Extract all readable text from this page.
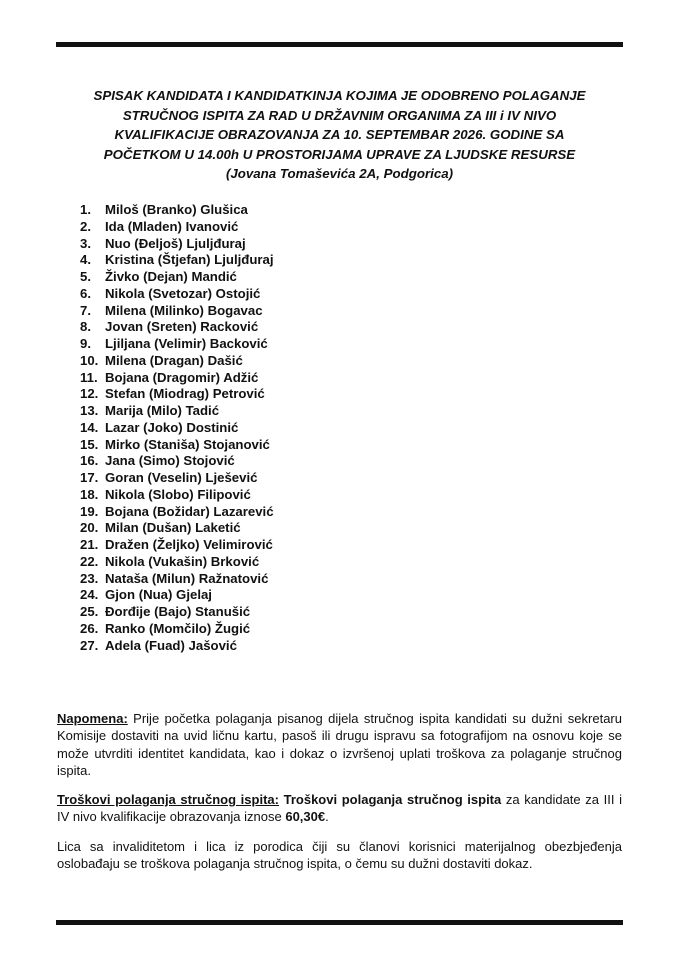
SPISAK KANDIDATA I KANDIDATKINJA KOJIMA JE ODOBRENO POLAGANJE
STRUČNOG ISPITA ZA RAD U DRŽAVNIM ORGANIMA ZA III i IV NIVO
KVALIFIKACIJE OBRAZOVANJA ZA 10. SEPTEMBAR 2026. GODINE SA
POČETKOM U 14.00h U PROSTORIJAMA UPRAVE ZA LJUDSKE RESURSE
(Jovana Tomaševića 2A, Podgorica)
1.	Miloš (Branko) Glušica
2.	Ida (Mladen) Ivanović
3.	Nuo (Đeljoš) Ljuljđuraj
4.	Kristina (Štjefan) Ljuljđuraj
5.	Živko (Dejan) Mandić
6.	Nikola (Svetozar) Ostojić
7.	Milena (Milinko) Bogavac
8.	Jovan (Sreten) Racković
9.	Ljiljana (Velimir) Backović
10. Milena (Dragan) Dašić
11. Bojana (Dragomir) Adžić
12. Stefan (Miodrag) Petrović
13. Marija (Milo) Tadić
14. Lazar (Joko) Dostinić
15. Mirko (Staniša) Stojanović
16. Jana (Simo) Stojović
17. Goran (Veselin) Lješević
18. Nikola (Slobo) Filipović
19. Bojana (Božidar) Lazarević
20. Milan (Dušan) Laketić
21. Dražen (Željko) Velimirović
22. Nikola (Vukašin) Brković
23. Nataša (Milun) Ražnatović
24. Gjon (Nua) Gjelaj
25. Đorđije (Bajo) Stanušić
26. Ranko (Momčilo) Žugić
27. Adela (Fuad) Jašović

Napomena: Prije početka polaganja pisanog dijela stručnog ispita kandidati su dužni sekretaru Komisije dostaviti na uvid ličnu kartu, pasoš ili drugu ispravu sa fotografijom na osnovu koje se može utvrditi identitet kandidata, kao i dokaz o izvršenoj uplati troškova za polaganje stručnog ispita.

Troškovi polaganja stručnog ispita: Troškovi polaganja stručnog ispita za kandidate za III i IV nivo kvalifikacije obrazovanja iznose 60,30€.

Lica sa invaliditetom i lica iz porodica čiji su članovi korisnici materijalnog obezbjeđenja oslobađaju se troškova polaganja stručnog ispita, o čemu su dužni dostaviti dokaz.
